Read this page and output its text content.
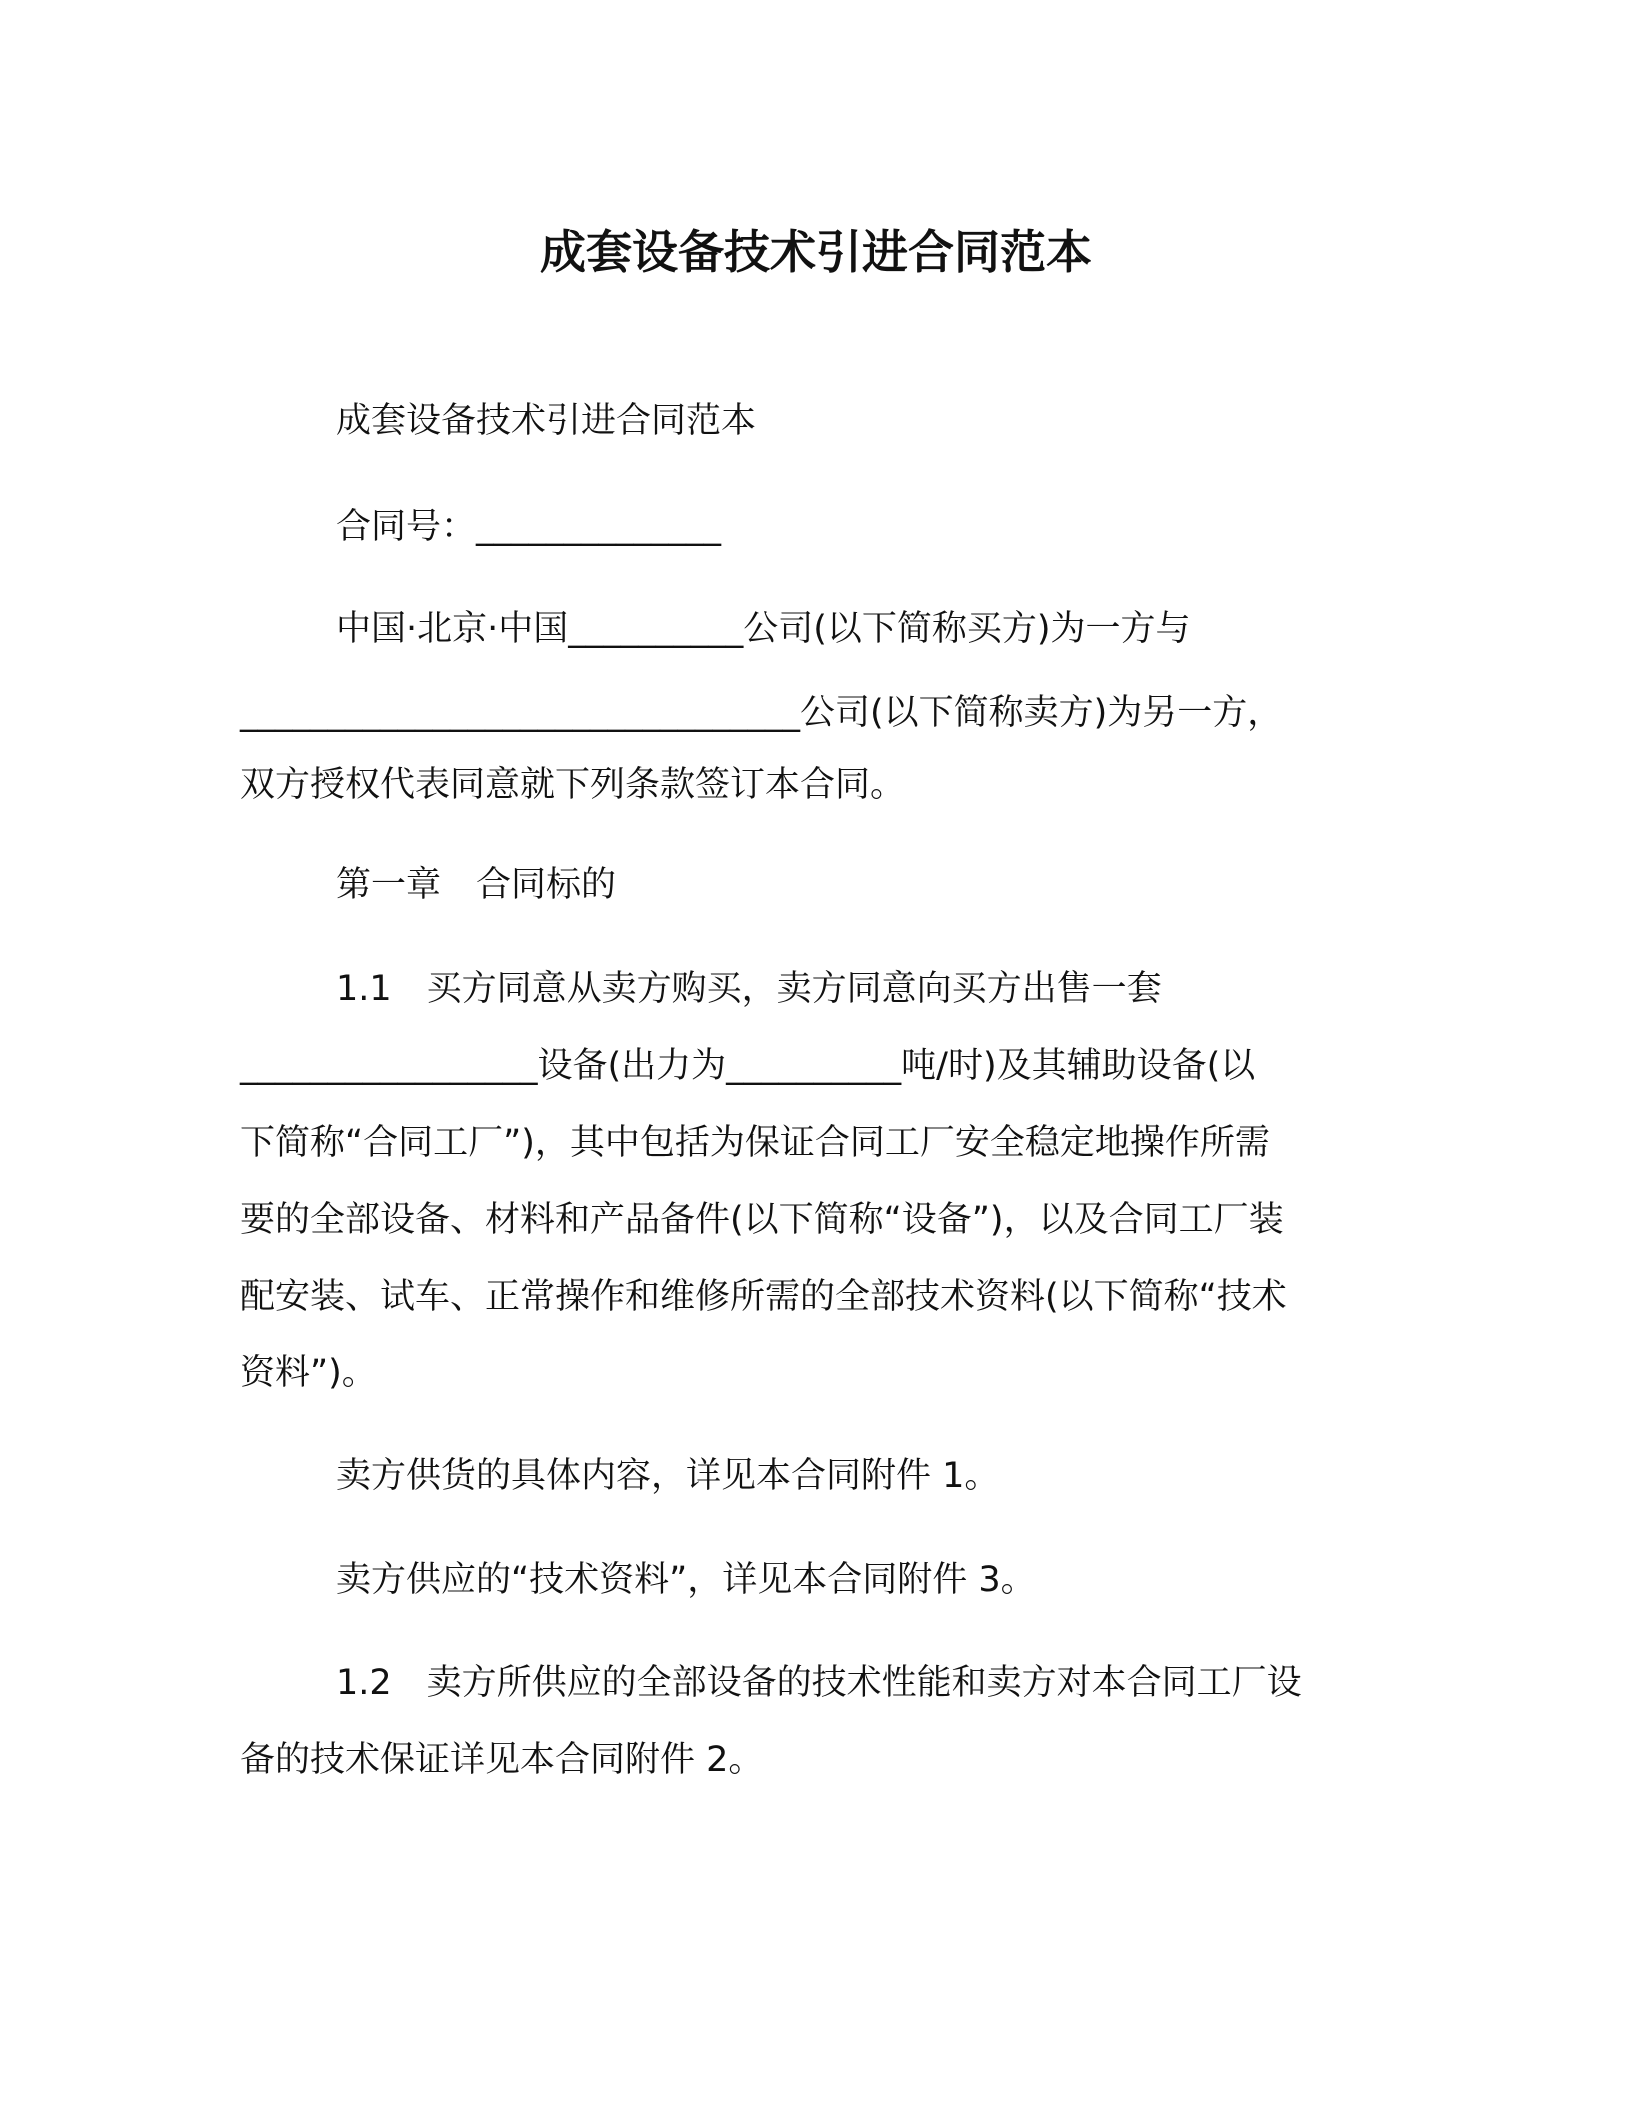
成套设备技术引进合同范本
成套设备技术引进合同范本
合同号：______________
中国·北京·中国__________公司(以下简称买方)为一方与
________________________________公司(以下简称卖方)为另一方，
双方授权代表同意就下列条款签订本合同。
第一章　合同标的
1.1　买方同意从卖方购买，卖方同意向买方出售一套
_________________设备(出力为__________吨/时)及其辅助设备(以
下简称“合同工厂”)，其中包括为保证合同工厂安全稳定地操作所需
要的全部设备、材料和产品备件(以下简称“设备”)，以及合同工厂装
配安装、试车、正常操作和维修所需的全部技术资料(以下简称“技术
资料”)。
卖方供货的具体内容，详见本合同附件 1。
卖方供应的“技术资料”，详见本合同附件 3。
1.2　卖方所供应的全部设备的技术性能和卖方对本合同工厂设
备的技术保证详见本合同附件 2。
